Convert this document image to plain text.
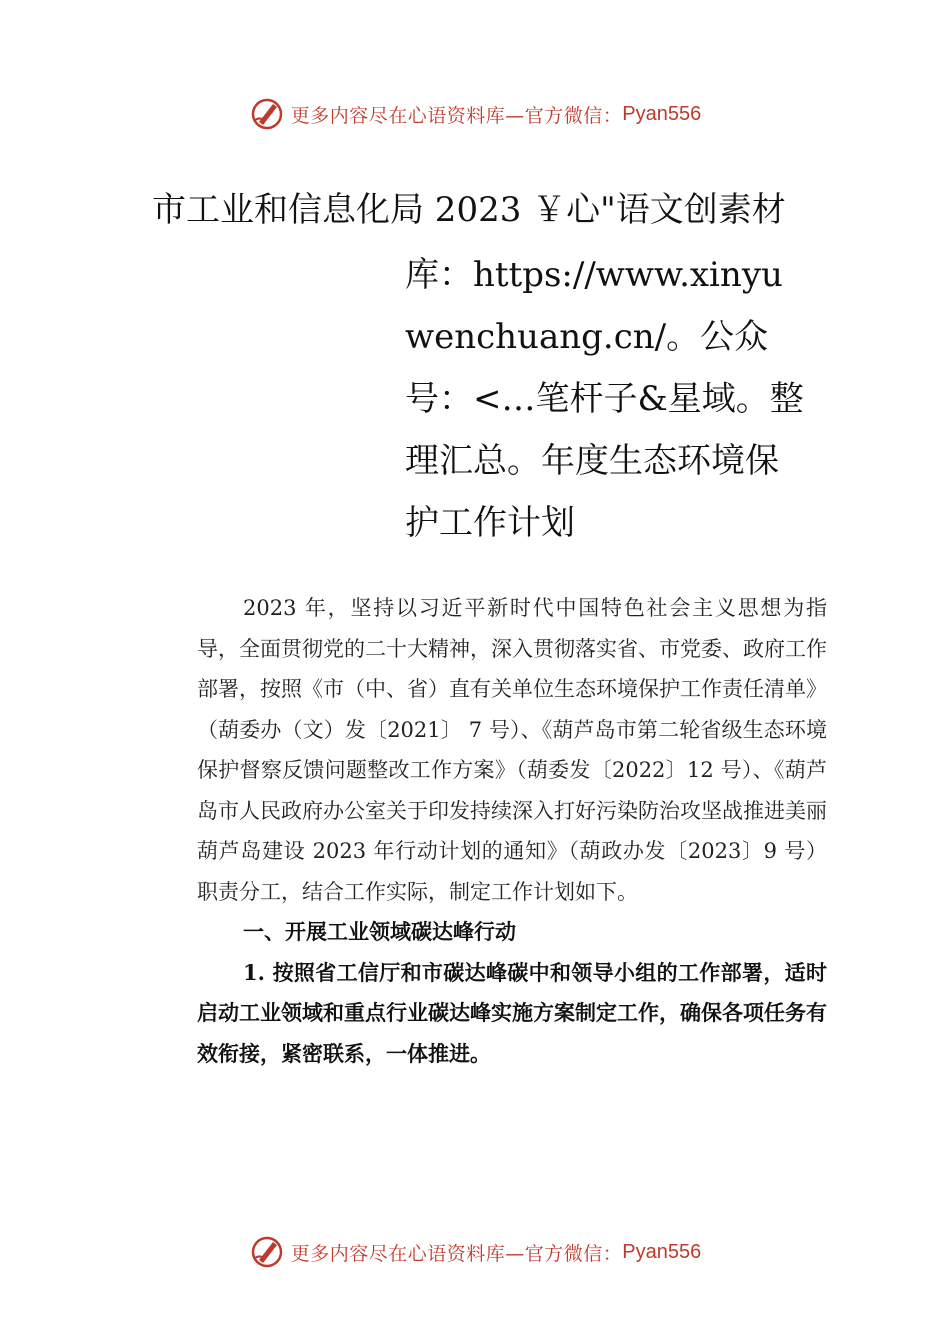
更多内容尽在心语资料库—官方微信： Pyan556
市工业和信息化局 2023 ￥心"语文创素材
库：https://www.xinyuwenchuang.cn/。公众号：<…笔杆子&星域。整理汇总。年度生态环境保护工作计划

2023 年，坚持以习近平新时代中国特色社会主义思想为指导，全面贯彻党的二十大精神，深入贯彻落实省、市党委、政府工作部署，按照《市（中、省）直有关单位生态环境保护工作责任清单》（葫委办（文）发〔2021〕 7 号）、《葫芦岛市第二轮省级生态环境保护督察反馈问题整改工作方案》（葫委发〔2022〕12 号）、《葫芦岛市人民政府办公室关于印发持续深入打好污染防治攻坚战推进美丽葫芦岛建设 2023 年行动计划的通知》（葫政办发〔2023〕9 号）职责分工，结合工作实际，制定工作计划如下。

一、开展工业领域碳达峰行动

1. 按照省工信厅和市碳达峰碳中和领导小组的工作部署，适时启动工业领域和重点行业碳达峰实施方案制定工作，确保各项任务有效衔接，紧密联系，一体推进。

更多内容尽在心语资料库—官方微信： Pyan556
